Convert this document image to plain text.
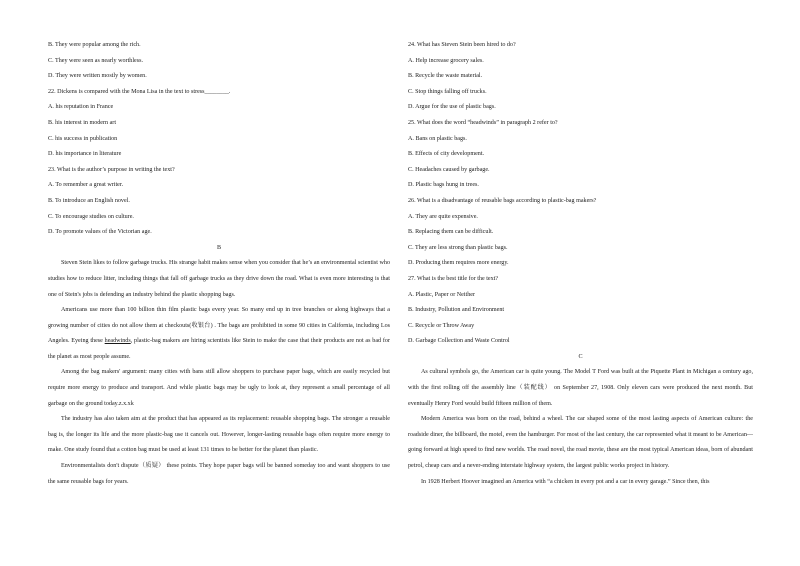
B. They were popular among the rich.
C. They were seen as nearly worthless.
D. They were written mostly by women.
22. Dickens is compared with the Mona Lisa in the text to stress________.
A. his reputation in France
B. his interest in modern art
C. his success in publication
D. his importance in literature
23. What is the author’s purpose in writing the text?
A. To remember a great writer.
B. To introduce an English novel.
C. To encourage studies on culture.
D. To promote values of the Victorian age.
B

Steven Stein likes to follow garbage trucks. His strange habit makes sense when you consider that he’s an environmental scientist who studies how to reduce litter, including things that fall off garbage trucks as they drive down the road. What is even more interesting is that one of Stein's jobs is defending an industry behind the plastic shopping bags.

Americans use more than 100 billion thin film plastic bags every year. So many end up in tree branches or along highways that a growing number of cities do not allow them at checkouts(收银台) . The bags are prohibited in some 90 cities in California, including Los Angeles. Eyeing these headwinds, plastic-bag makers are hiring scientists like Stein to make the case that their products are not as bad for the planet as most people assume.

Among the bag makers' argument: many cities with bans still allow shoppers to purchase paper bags, which are easily recycled but require more energy to produce and transport. And while plastic bags may be ugly to look at, they represent a small percentage of all garbage on the ground today.z.x.xk

The industry has also taken aim at the product that has appeared as its replacement: reusable shopping bags. The stronger a reusable bag is, the longer its life and the more plastic-bag use it cancels out. However, longer-lasting reusable bags often require more energy to make. One study found that a cotton bag must be used at least 131 times to be better for the planet than plastic.

Environmentalists don't dispute（质疑） these points. They hope paper bags will be banned someday too and want shoppers to use the same reusable bags for years.

24. What has Steven Stein been hired to do?
A. Help increase grocery sales.
B. Recycle the waste material.
C. Stop things falling off trucks.
D. Argue for the use of plastic bags.
25. What does the word “headwinds” in paragraph 2 refer to?
A. Bans on plastic bags.
B. Effects of city development.
C. Headaches caused by garbage.
D. Plastic bags hung in trees.
26. What is a disadvantage of reusable bags according to plastic-bag makers?
A. They are quite expensive.
B. Replacing them can be difficult.
C. They are less strong than plastic bags.
D. Producing them requires more energy.
27. What is the best title for the text?
A. Plastic, Paper or Neither
B. Industry, Pollution and Environment
C. Recycle or Throw Away
D. Garbage Collection and Waste Control
C

As cultural symbols go, the American car is quite young. The Model T Ford was built at the Piquette Plant in Michigan a century ago, with the first rolling off the assembly line（装配线） on September 27, 1908. Only eleven cars were produced the next month. But eventually Henry Ford would build fifteen million of them.

Modern America was born on the road, behind a wheel. The car shaped some of the most lasting aspects of American culture: the roadside diner, the billboard, the motel, even the hamburger. For most of the last century, the car represented what it meant to be American—going forward at high speed to find new worlds. The road novel, the road movie, these are the most typical American ideas, born of abundant petrol, cheap cars and a never-ending interstate highway system, the largest public works project in history.

In 1928 Herbert Hoover imagined an America with “a chicken in every pot and a car in every garage.” Since then, this
